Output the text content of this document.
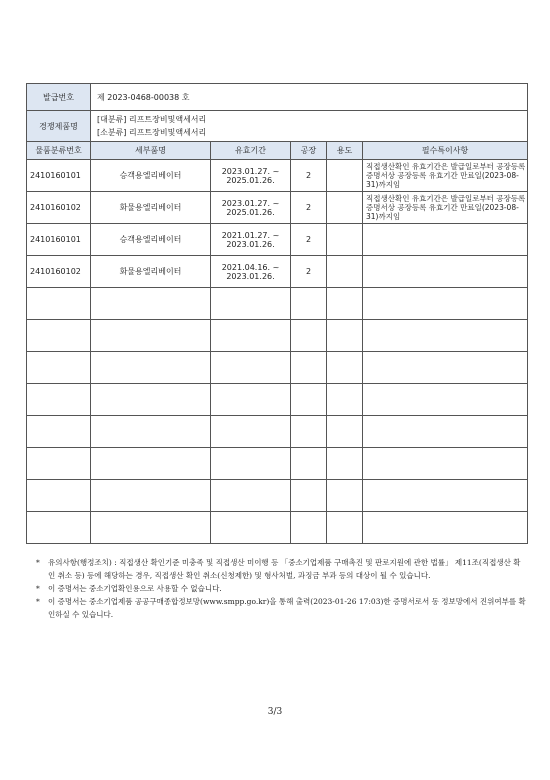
발급번호	제 2023-0468-00038 호				
경쟁제품명	[대분류] 리프트장비및액세서리
[소분류] 리프트장비및액세서리				

물품분류번호	세부품명	유효기간	공장	용도	필수특이사항
2410160101	승객용엘리베이터	2023.01.27. ~
2025.01.26.	2		직접생산확인 유효기간은 발급일로부터 공장등록증명서상 공장등록 유효기간 만료일(2023-08-31)까지임
2410160102	화물용엘리베이터	2023.01.27. ~
2025.01.26.	2		직접생산확인 유효기간은 발급일로부터 공장등록증명서상 공장등록 유효기간 만료일(2023-08-31)까지임
2410160101	승객용엘리베이터	2021.01.27. ~
2023.01.26.	2		
2410160102	화물용엘리베이터	2021.04.16. ~
2023.01.26.	2		

* 유의사항(행정조치) : 직접생산 확인기준 미충족 및 직접생산 미이행 등 「중소기업제품 구매촉진 및 판로지원에 관한 법률」 제11조(직접생산 확인 취소 등) 등에 해당하는 경우, 직접생산 확인 취소(신청제한) 및 형사처벌, 과징금 부과 등의 대상이 될 수 있습니다.
* 이 증명서는 중소기업확인용으로 사용할 수 없습니다.
* 이 증명서는 중소기업제품 공공구매종합정보망(www.smpp.go.kr)을 통해 출력(2023-01-26 17:03)한 증명서로서 동 정보망에서 진위여부를 확인하실 수 있습니다.
3/3
